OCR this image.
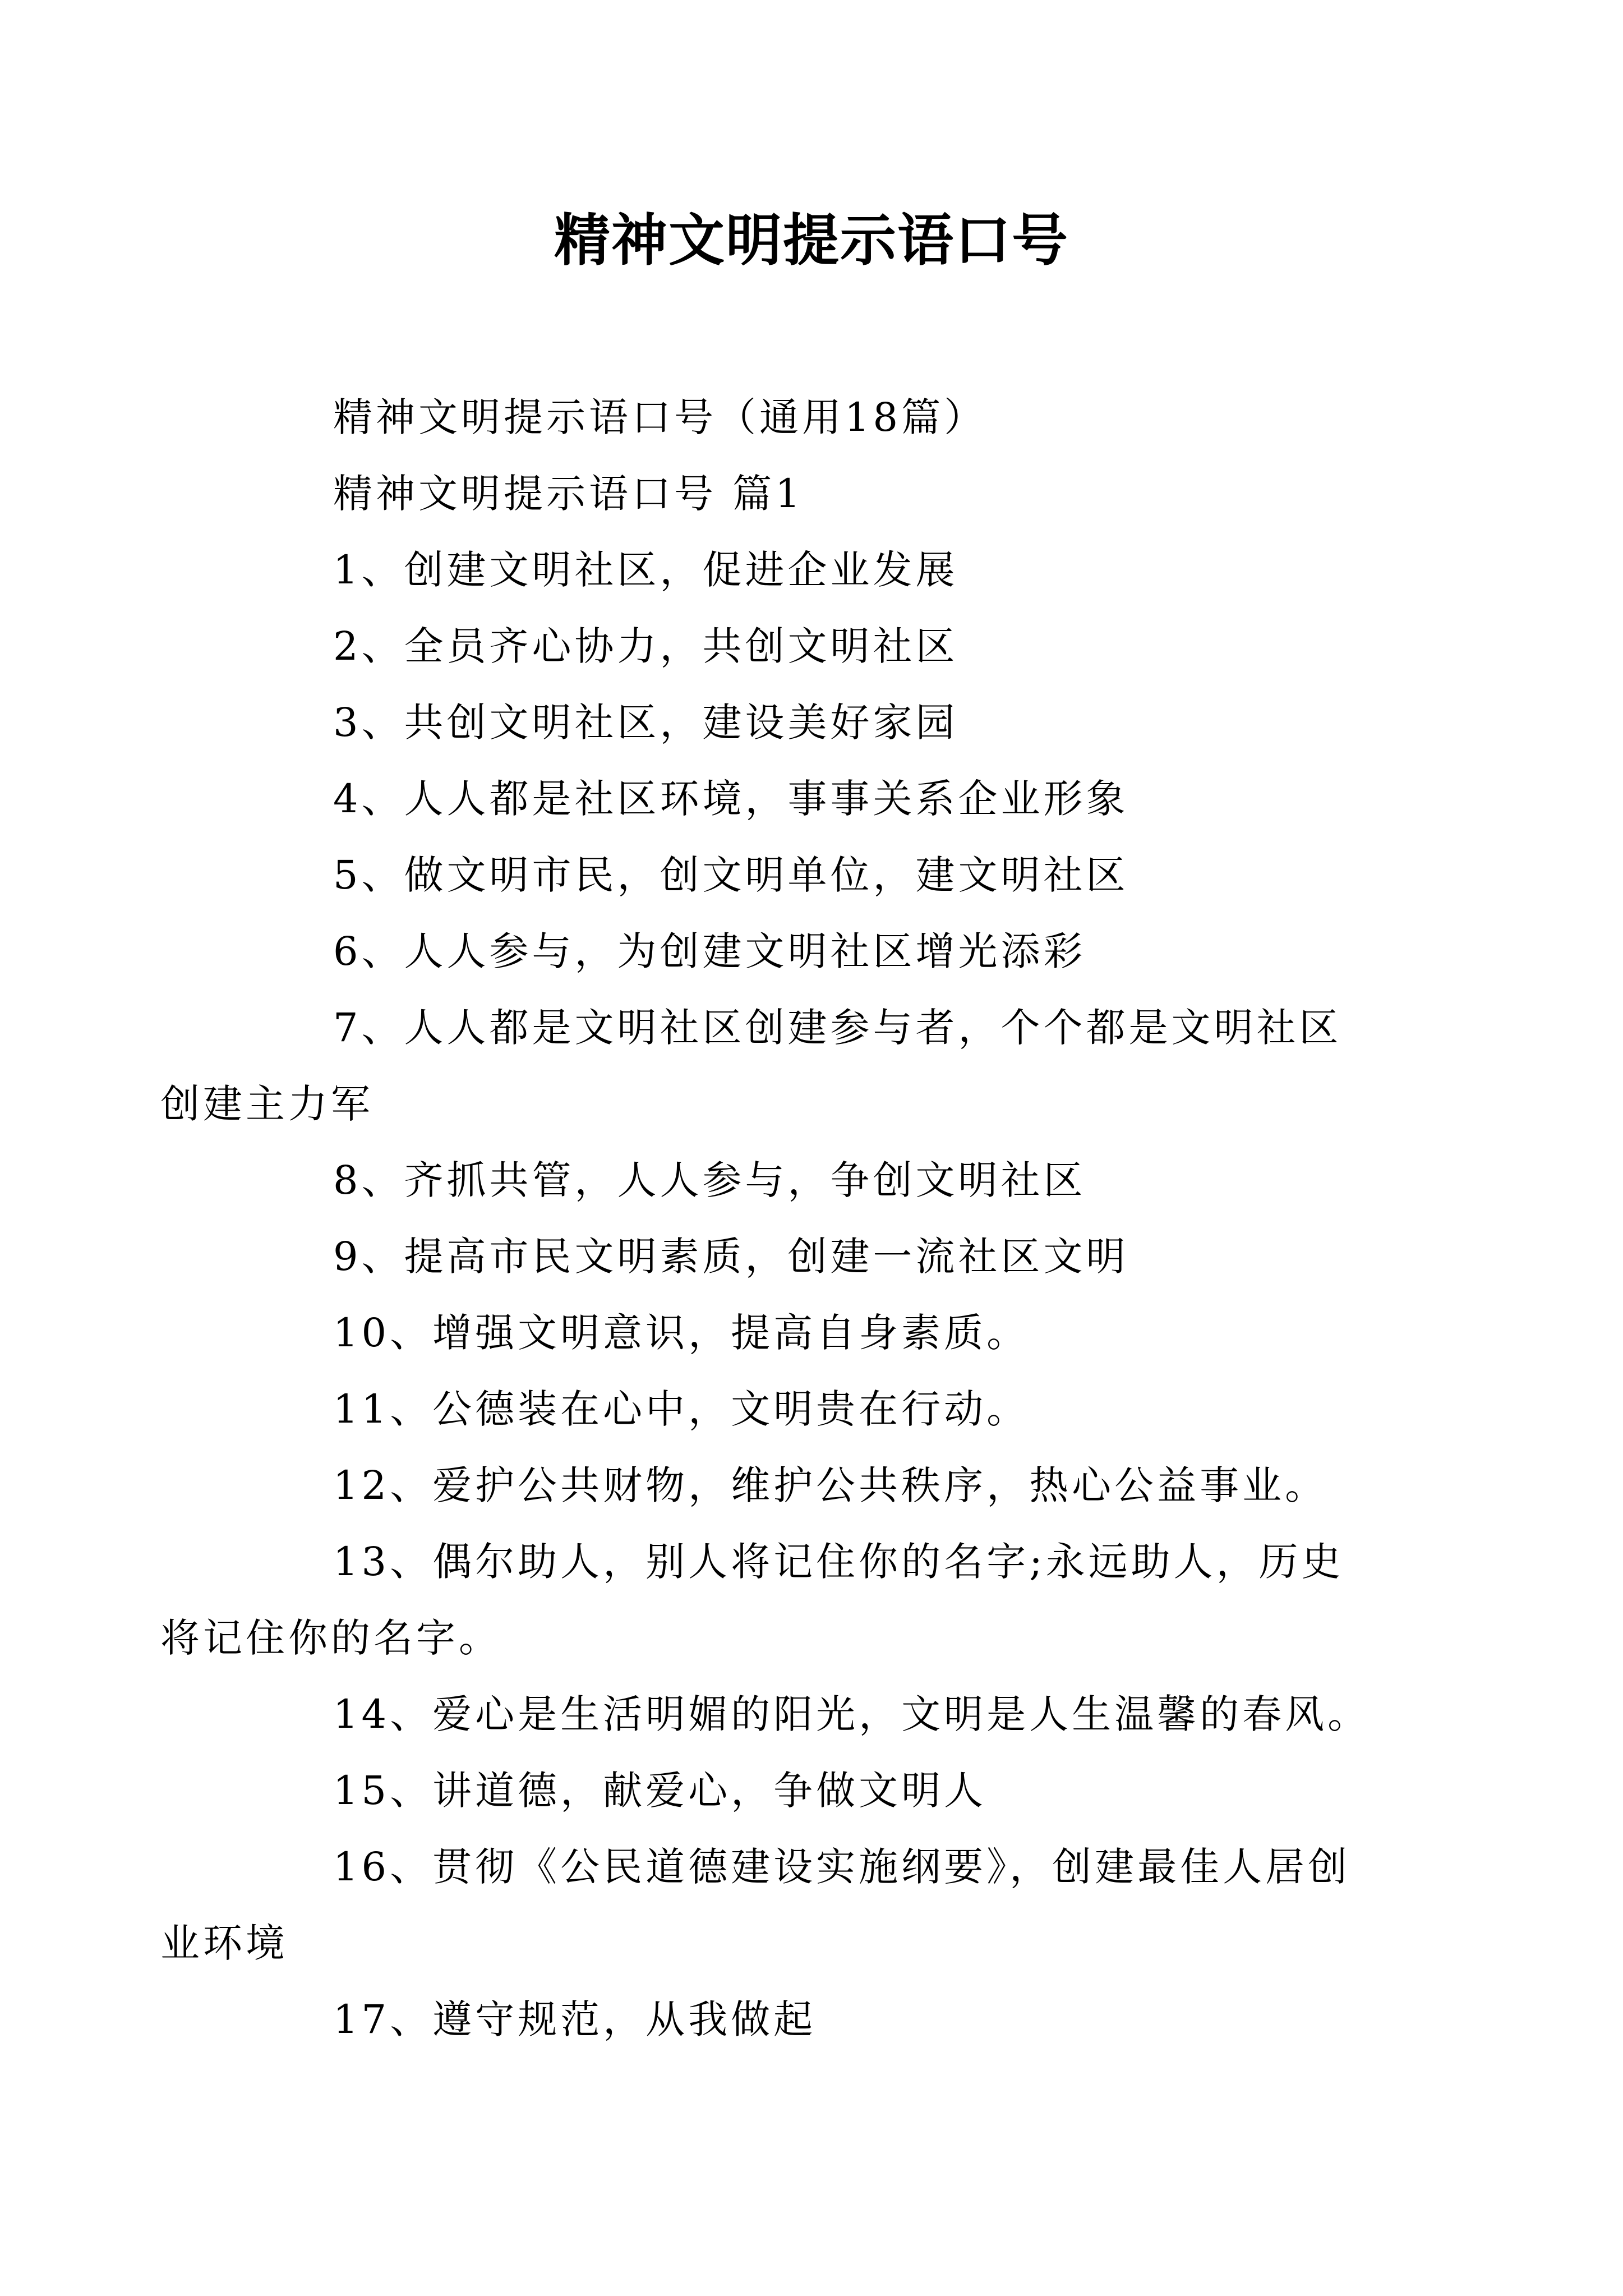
精神文明提示语口号

精神文明提示语口号（通用18篇）

精神文明提示语口号 篇1

1、创建文明社区，促进企业发展

2、全员齐心协力，共创文明社区

3、共创文明社区，建设美好家园

4、人人都是社区环境，事事关系企业形象

5、做文明市民，创文明单位，建文明社区

6、人人参与，为创建文明社区增光添彩

7、人人都是文明社区创建参与者，个个都是文明社区
创建主力军

8、齐抓共管，人人参与，争创文明社区

9、提高市民文明素质，创建一流社区文明

10、增强文明意识，提高自身素质。

11、公德装在心中，文明贵在行动。

12、爱护公共财物，维护公共秩序，热心公益事业。

13、偶尔助人，别人将记住你的名字;永远助人，历史
将记住你的名字。

14、爱心是生活明媚的阳光，文明是人生温馨的春风。

15、讲道德，献爱心，争做文明人

16、贯彻《公民道德建设实施纲要》，创建最佳人居创
业环境

17、遵守规范，从我做起
